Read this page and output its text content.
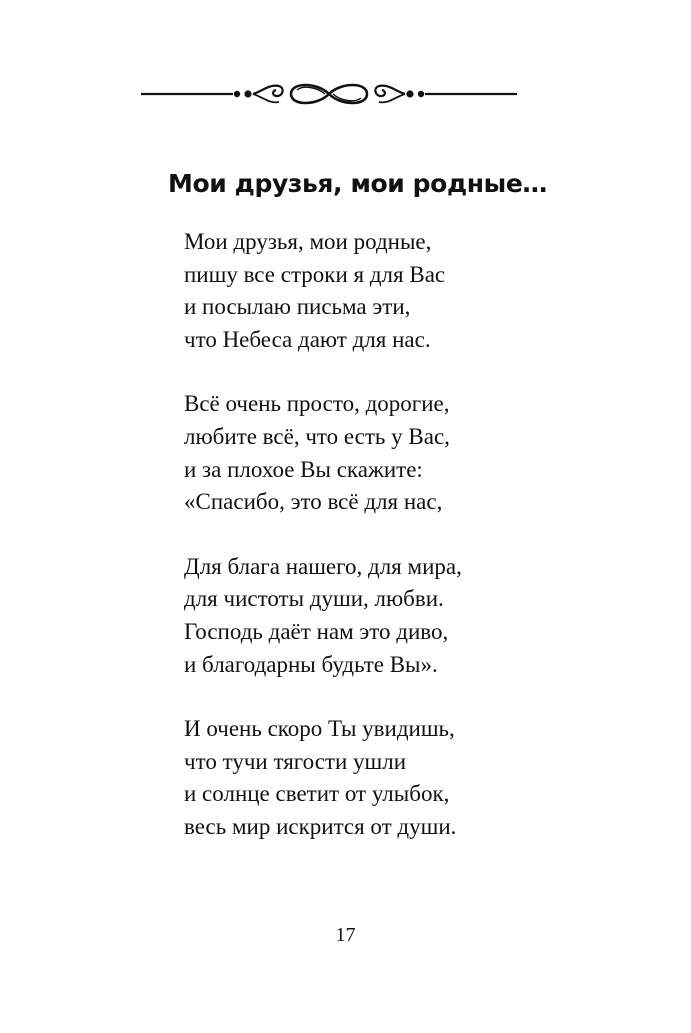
Мои друзья, мои родные…

Мои друзья, мои родные,
пишу все строки я для Вас
и посылаю письма эти,
что Небеса дают для нас.

Всё очень просто, дорогие,
любите всё, что есть у Вас,
и за плохое Вы скажите:
«Спасибо, это всё для нас,

Для блага нашего, для мира,
для чистоты души, любви.
Господь даёт нам это диво,
и благодарны будьте Вы».

И очень скоро Ты увидишь,
что тучи тягости ушли
и солнце светит от улыбок,
весь мир искрится от души.

17
